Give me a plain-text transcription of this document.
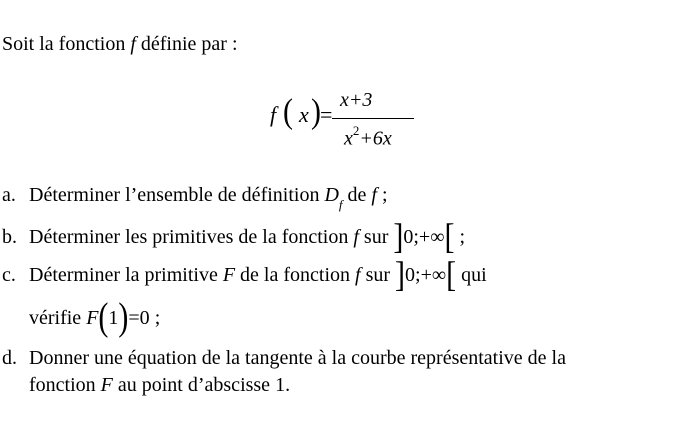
Soit la fonction f définie par :
f ( x ) =
x+3
$x^2+6x$
a. Déterminer l’ensemble de définition $D_f$ de f ;
b. Déterminer les primitives de la fonction f sur ]0;+∞[ ;
c. Déterminer la primitive F de la fonction f sur ]0;+∞[ qui
vérifie F(1)=0 ;
d. Donner une équation de la tangente à la courbe représentative de la
fonction F au point d’abscisse 1.
